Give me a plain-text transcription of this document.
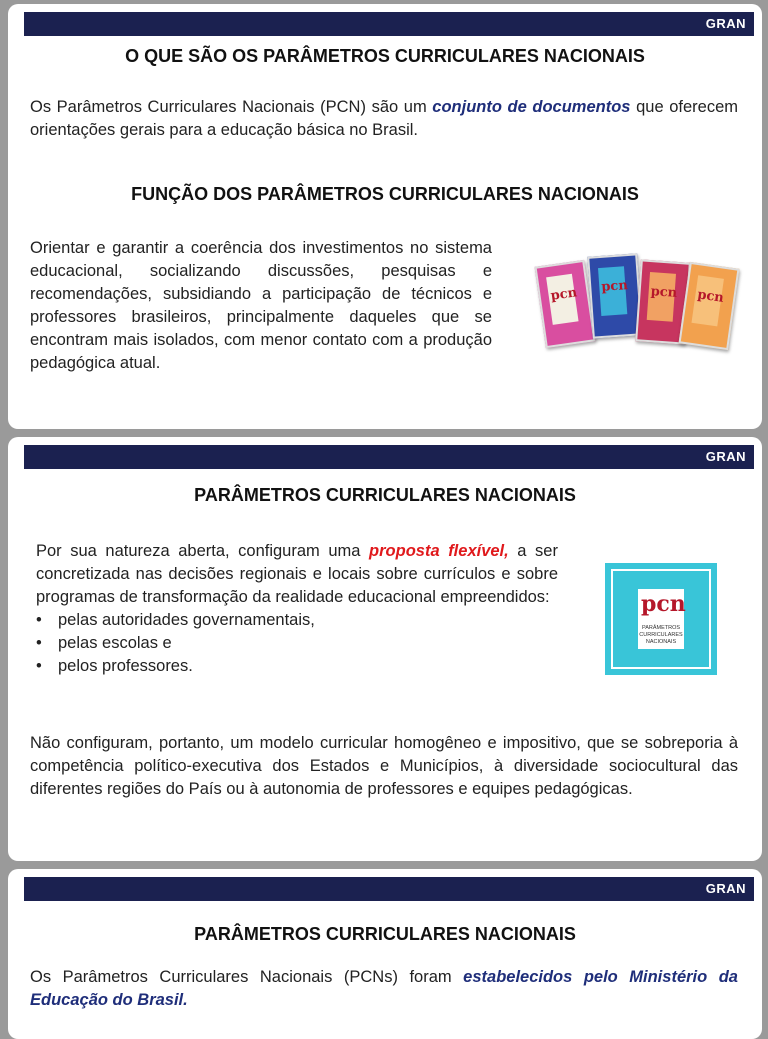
GRAN
O QUE SÃO OS PARÂMETROS CURRICULARES NACIONAIS
Os Parâmetros Curriculares Nacionais (PCN) são um conjunto de documentos que oferecem orientações gerais para a educação básica no Brasil.
FUNÇÃO DOS PARÂMETROS CURRICULARES NACIONAIS
Orientar e garantir a coerência dos investimentos no sistema educacional, socializando discussões, pesquisas e recomendações, subsidiando a participação de técnicos e professores brasileiros, principalmente daqueles que se encontram mais isolados, com menor contato com a produção pedagógica atual.
pcn pcn pcn pcn
GRAN
PARÂMETROS CURRICULARES NACIONAIS
Por sua natureza aberta, configuram uma proposta flexível, a ser concretizada nas decisões regionais e locais sobre currículos e sobre programas de transformação da realidade educacional empreendidos:
• pelas autoridades governamentais,
• pelas escolas e
• pelos professores.
pcn
PARÂMETROS CURRICULARES NACIONAIS
Não configuram, portanto, um modelo curricular homogêneo e impositivo, que se sobreporia à competência político-executiva dos Estados e Municípios, à diversidade sociocultural das diferentes regiões do País ou à autonomia de professores e equipes pedagógicas.
GRAN
PARÂMETROS CURRICULARES NACIONAIS
Os Parâmetros Curriculares Nacionais (PCNs) foram estabelecidos pelo Ministério da Educação do Brasil.
